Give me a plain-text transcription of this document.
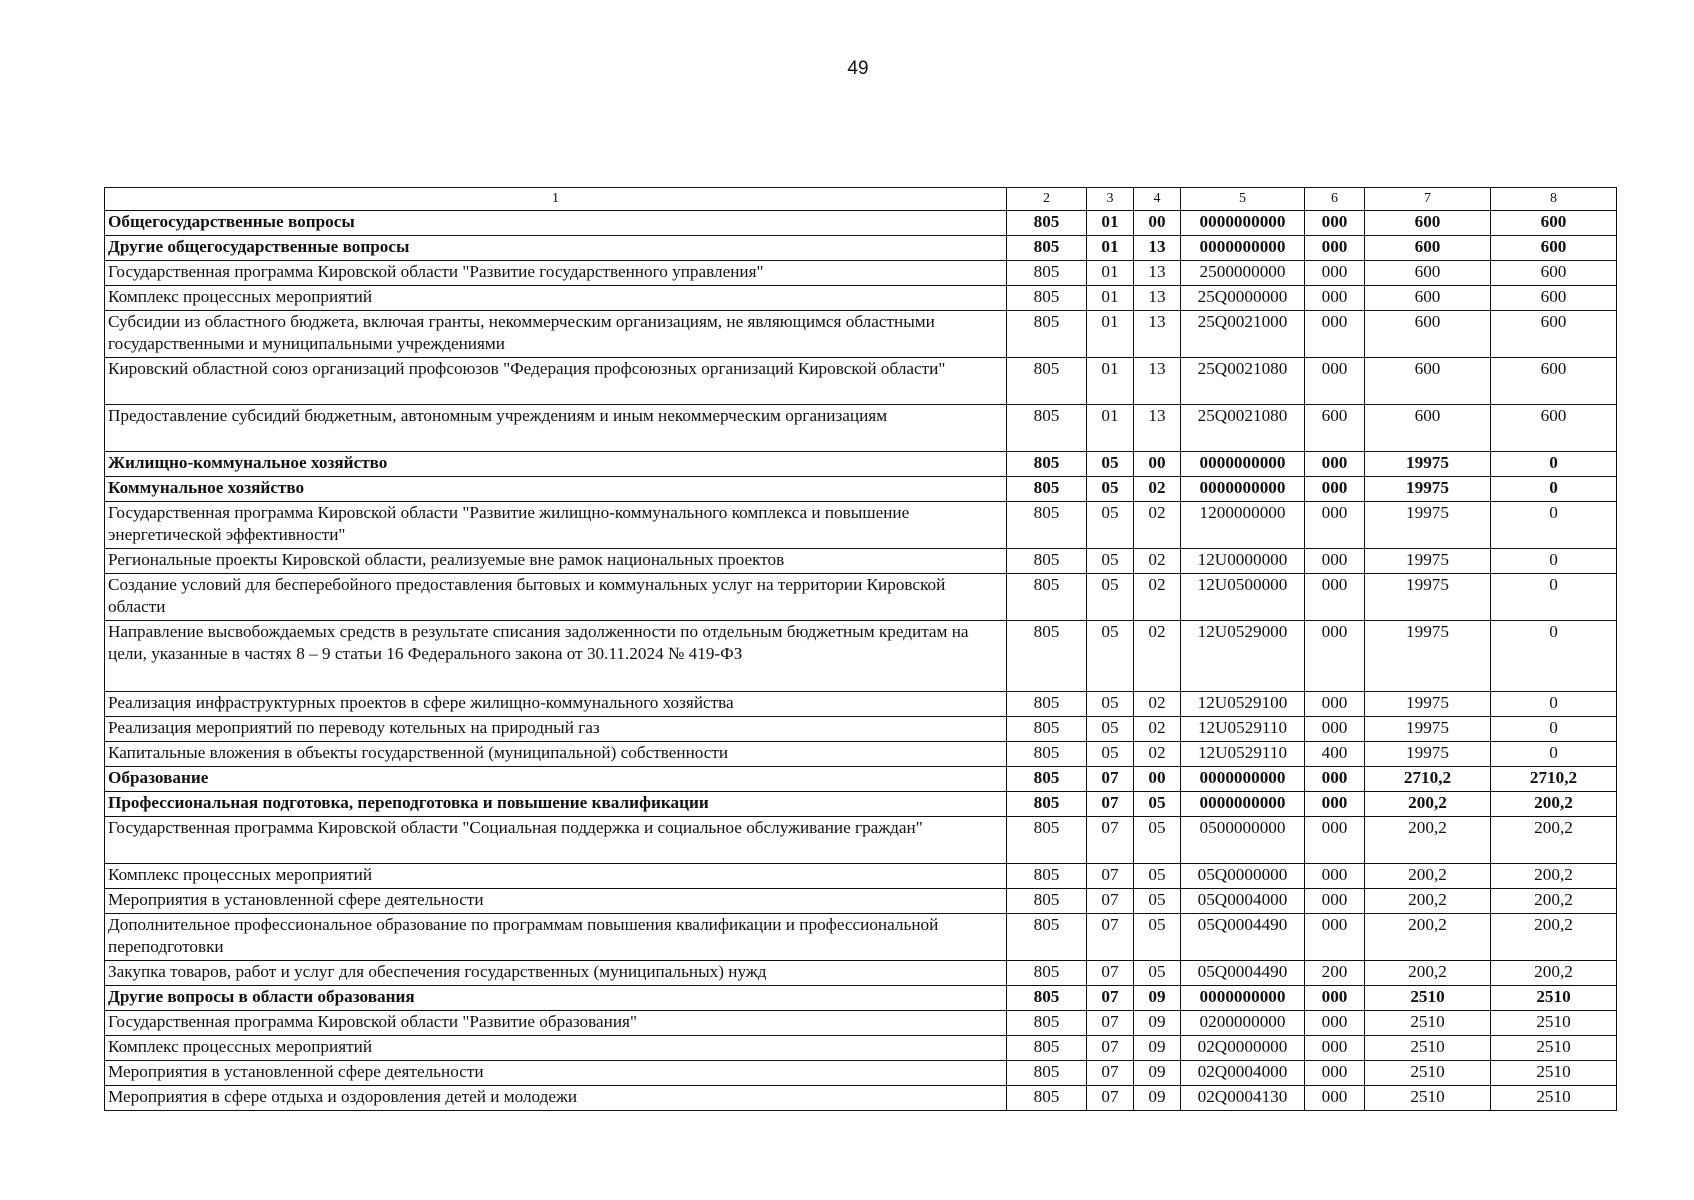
49
1	2	3	4	5	6	7	8
Общегосударственные вопросы	805	01	00	0000000000	000	600	600
Другие общегосударственные вопросы	805	01	13	0000000000	000	600	600
Государственная программа Кировской области "Развитие государственного управления"	805	01	13	2500000000	000	600	600
Комплекс процессных мероприятий	805	01	13	25Q0000000	000	600	600
Субсидии из областного бюджета, включая гранты, некоммерческим организациям, не являющимся областными государственными и муниципальными учреждениями	805	01	13	25Q0021000	000	600	600
Кировский областной союз организаций профсоюзов "Федерация профсоюзных организаций Кировской области"	805	01	13	25Q0021080	000	600	600
Предоставление субсидий бюджетным, автономным учреждениям и иным некоммерческим организациям	805	01	13	25Q0021080	600	600	600
Жилищно-коммунальное хозяйство	805	05	00	0000000000	000	19975	0
Коммунальное хозяйство	805	05	02	0000000000	000	19975	0
Государственная программа Кировской области "Развитие жилищно-коммунального комплекса и повышение энергетической эффективности"	805	05	02	1200000000	000	19975	0
Региональные проекты Кировской области, реализуемые вне рамок национальных проектов	805	05	02	12U0000000	000	19975	0
Создание условий для бесперебойного предоставления бытовых и коммунальных услуг на территории Кировской области	805	05	02	12U0500000	000	19975	0
Направление высвобождаемых средств в результате списания задолженности по отдельным бюджетным кредитам на цели, указанные в частях 8 – 9 статьи 16 Федерального закона от 30.11.2024 № 419-ФЗ	805	05	02	12U0529000	000	19975	0
Реализация инфраструктурных проектов в сфере жилищно-коммунального хозяйства	805	05	02	12U0529100	000	19975	0
Реализация мероприятий по переводу котельных на природный газ	805	05	02	12U0529110	000	19975	0
Капитальные вложения в объекты государственной (муниципальной) собственности	805	05	02	12U0529110	400	19975	0
Образование	805	07	00	0000000000	000	2710,2	2710,2
Профессиональная подготовка, переподготовка и повышение квалификации	805	07	05	0000000000	000	200,2	200,2
Государственная программа Кировской области "Социальная поддержка и социальное обслуживание граждан"	805	07	05	0500000000	000	200,2	200,2
Комплекс процессных мероприятий	805	07	05	05Q0000000	000	200,2	200,2
Мероприятия в установленной сфере деятельности	805	07	05	05Q0004000	000	200,2	200,2
Дополнительное профессиональное образование по программам повышения квалификации и профессиональной переподготовки	805	07	05	05Q0004490	000	200,2	200,2
Закупка товаров, работ и услуг для обеспечения государственных (муниципальных) нужд	805	07	05	05Q0004490	200	200,2	200,2
Другие вопросы в области образования	805	07	09	0000000000	000	2510	2510
Государственная программа Кировской области "Развитие образования"	805	07	09	0200000000	000	2510	2510
Комплекс процессных мероприятий	805	07	09	02Q0000000	000	2510	2510
Мероприятия в установленной сфере деятельности	805	07	09	02Q0004000	000	2510	2510
Мероприятия в сфере отдыха и оздоровления детей и молодежи	805	07	09	02Q0004130	000	2510	2510
